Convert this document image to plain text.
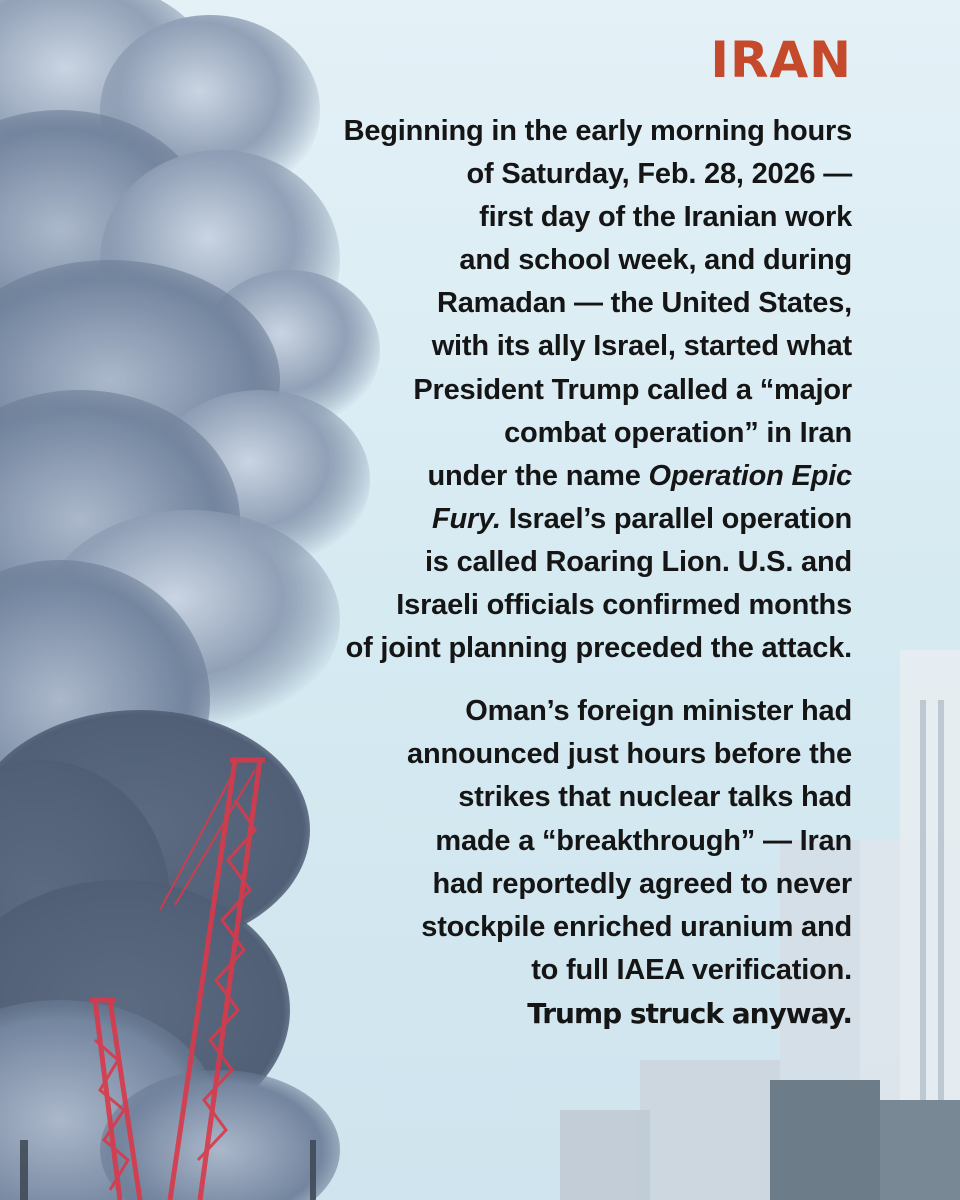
IRAN

Beginning in the early morning hours
of Saturday, Feb. 28, 2026 —
first day of the Iranian work
and school week, and during
Ramadan — the United States,
with its ally Israel, started what
President Trump called a “major
combat operation” in Iran
under the name Operation Epic
Fury. Israel’s parallel operation
is called Roaring Lion. U.S. and
Israeli officials confirmed months
of joint planning preceded the attack.

Oman’s foreign minister had
announced just hours before the
strikes that nuclear talks had
made a “breakthrough” — Iran
had reportedly agreed to never
stockpile enriched uranium and
to full IAEA verification.
Trump struck anyway.
